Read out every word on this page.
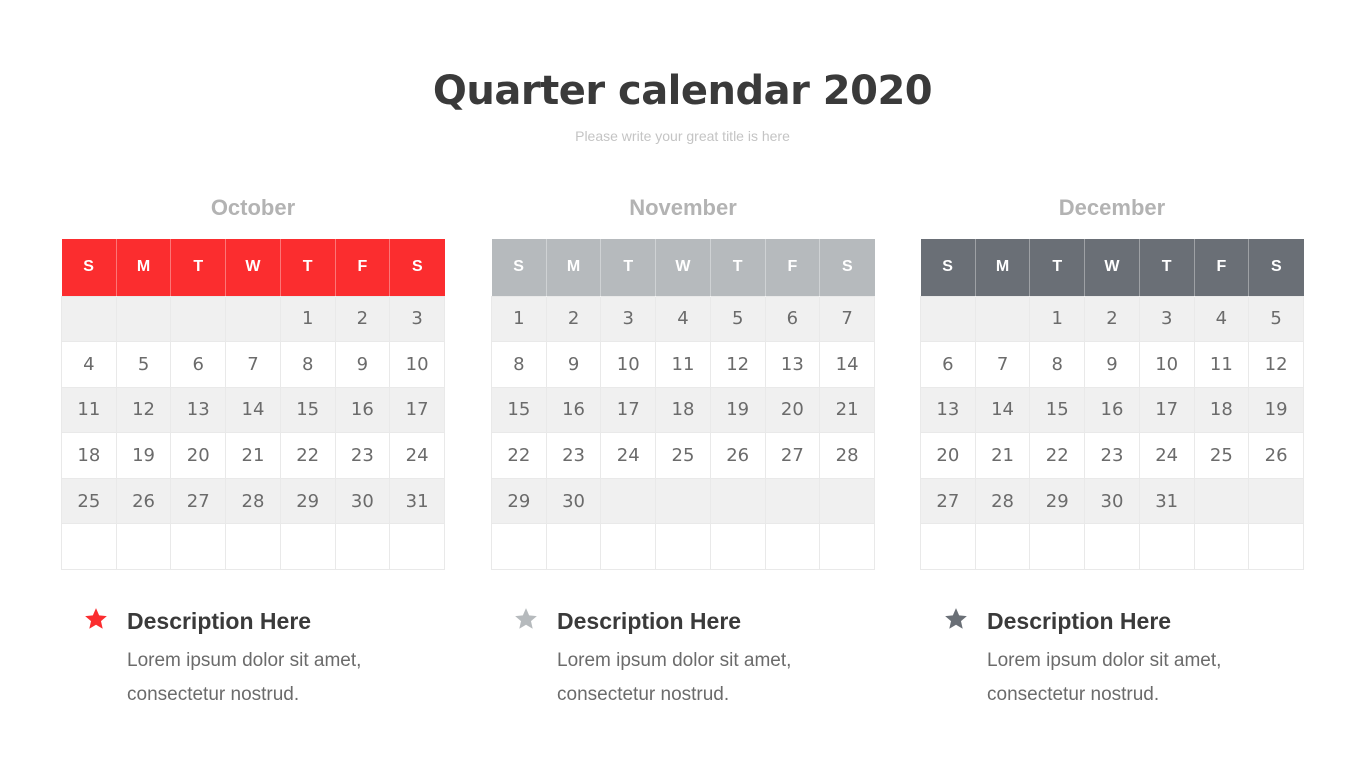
Quarter calendar 2020
Please write your great title is here
October
S	M	T	W	T	F	S
				1	2	3
4	5	6	7	8	9	10
11	12	13	14	15	16	17
18	19	20	21	22	23	24
25	26	27	28	29	30	31

Description Here
Lorem ipsum dolor sit amet,
consectetur nostrud.
November
S	M	T	W	T	F	S
1	2	3	4	5	6	7
8	9	10	11	12	13	14
15	16	17	18	19	20	21
22	23	24	25	26	27	28
29	30					

Description Here
Lorem ipsum dolor sit amet,
consectetur nostrud.
December
S	M	T	W	T	F	S
		1	2	3	4	5
6	7	8	9	10	11	12
13	14	15	16	17	18	19
20	21	22	23	24	25	26
27	28	29	30	31		

Description Here
Lorem ipsum dolor sit amet,
consectetur nostrud.
